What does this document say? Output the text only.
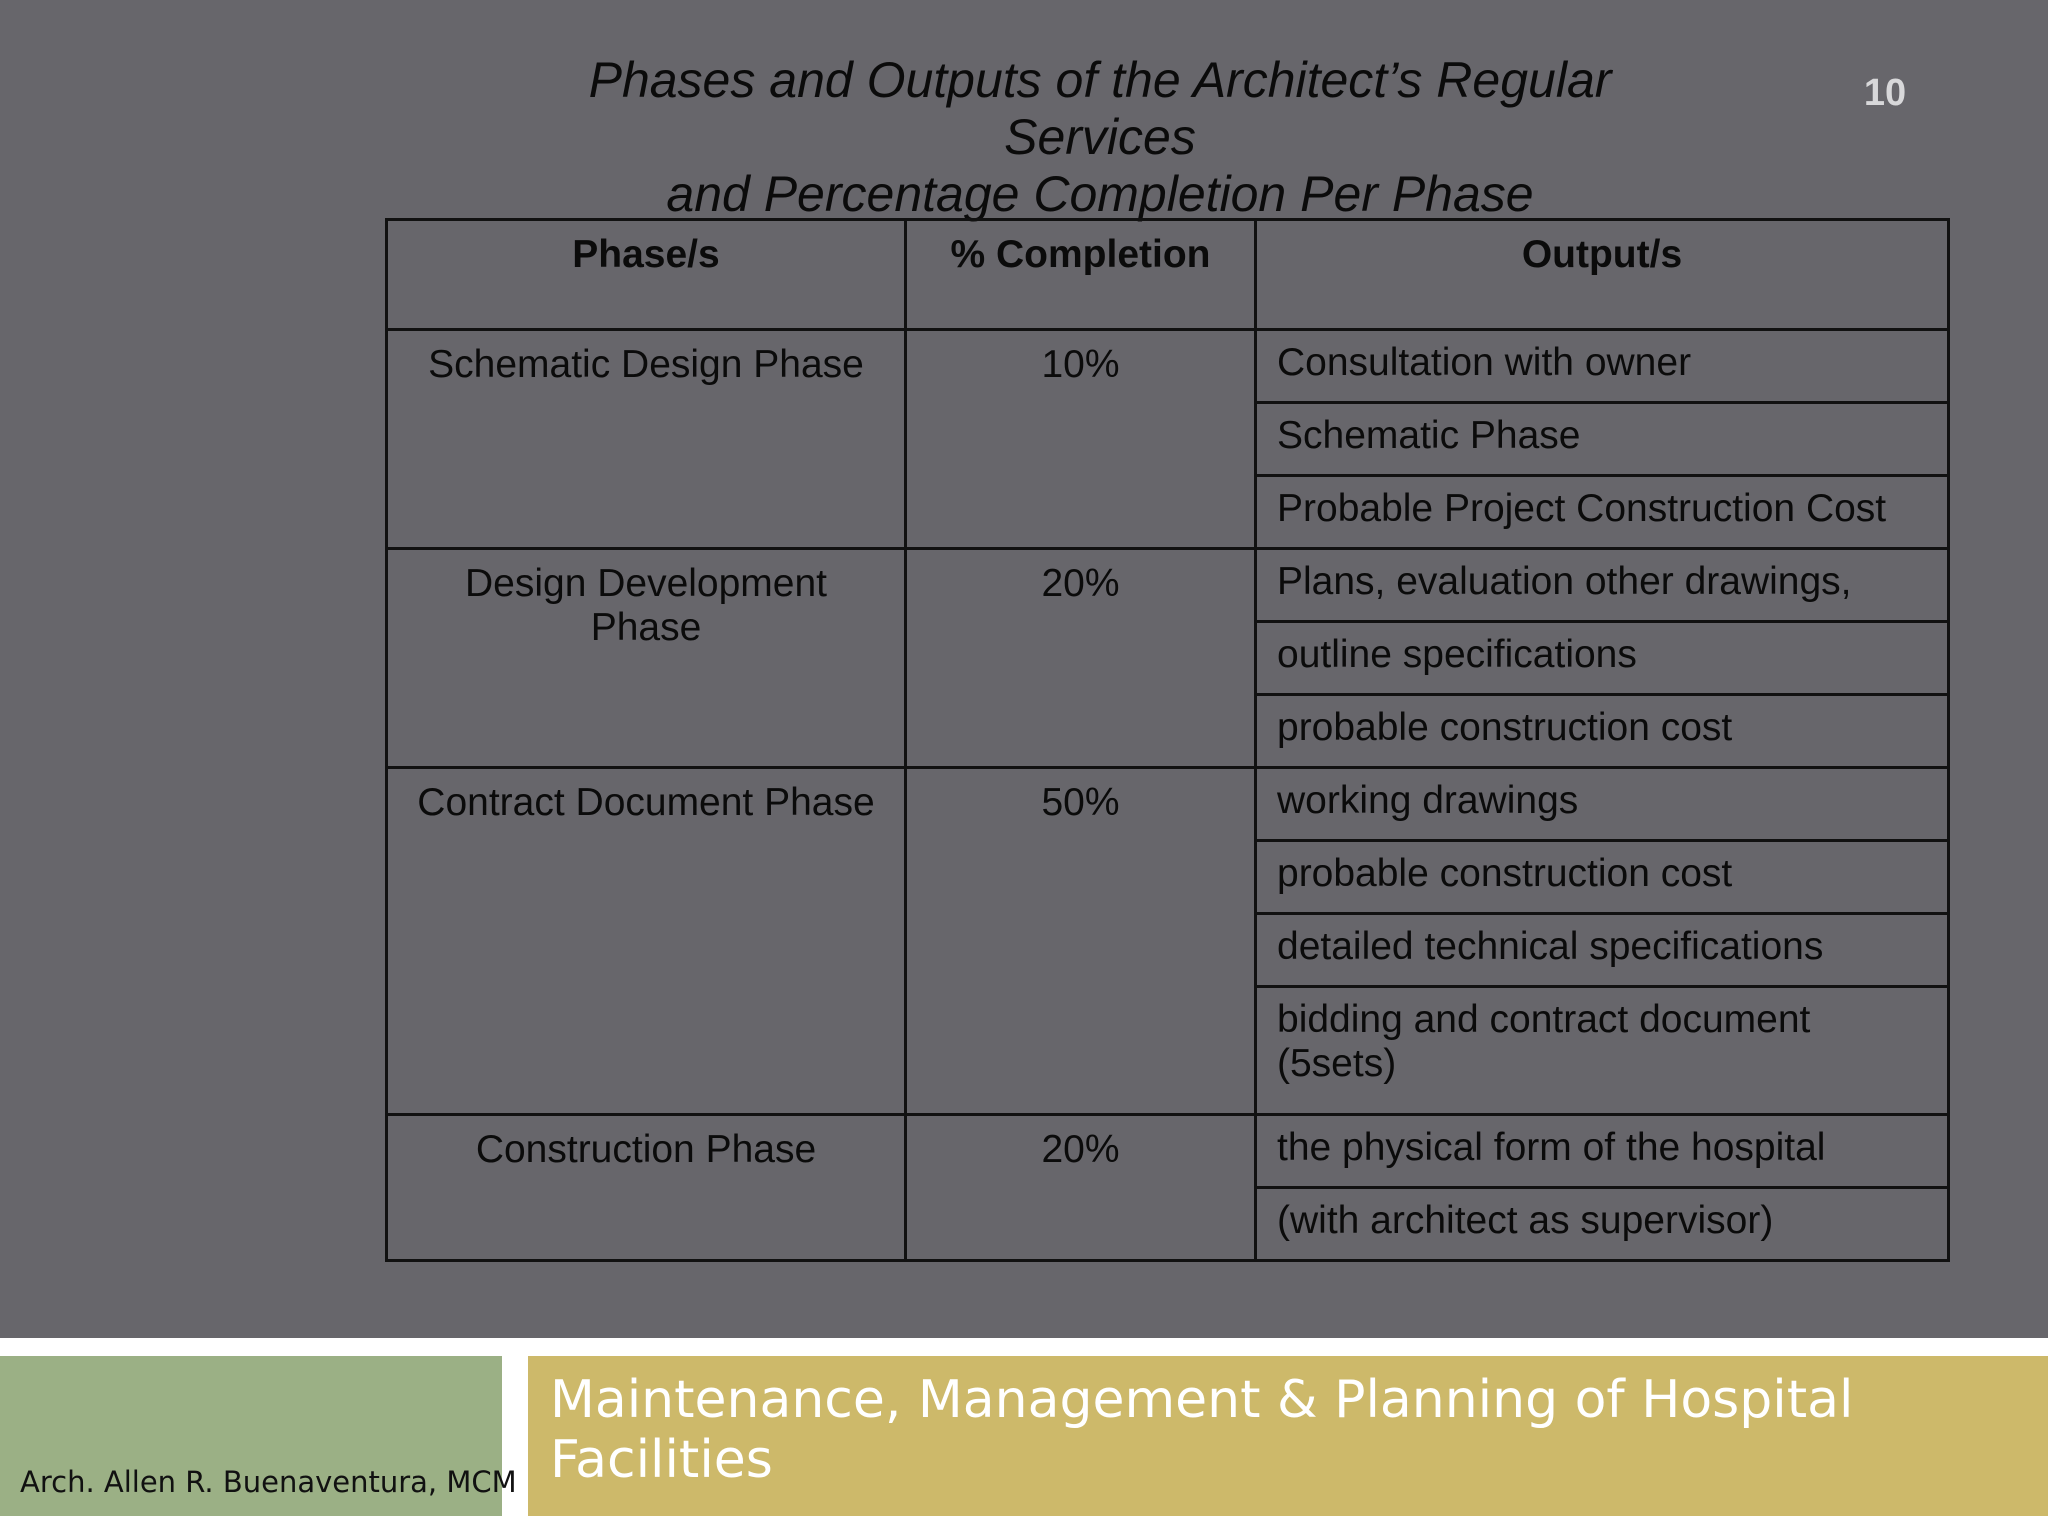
Phases and Outputs of the Architect’s Regular
Services
and Percentage Completion Per Phase
10
Phase/s	% Completion	Output/s
Schematic Design Phase	10%	Consultation with owner
		Schematic Phase
		Probable Project Construction Cost
Design Development Phase	20%	Plans, evaluation other drawings,
		outline specifications
		probable construction cost
Contract Document Phase	50%	working drawings
		probable construction cost
		detailed technical specifications
		bidding and contract document (5sets)
Construction Phase	20%	the physical form of the hospital
		(with architect as supervisor)
Arch. Allen R. Buenaventura, MCM
Maintenance, Management & Planning of Hospital
Facilities
